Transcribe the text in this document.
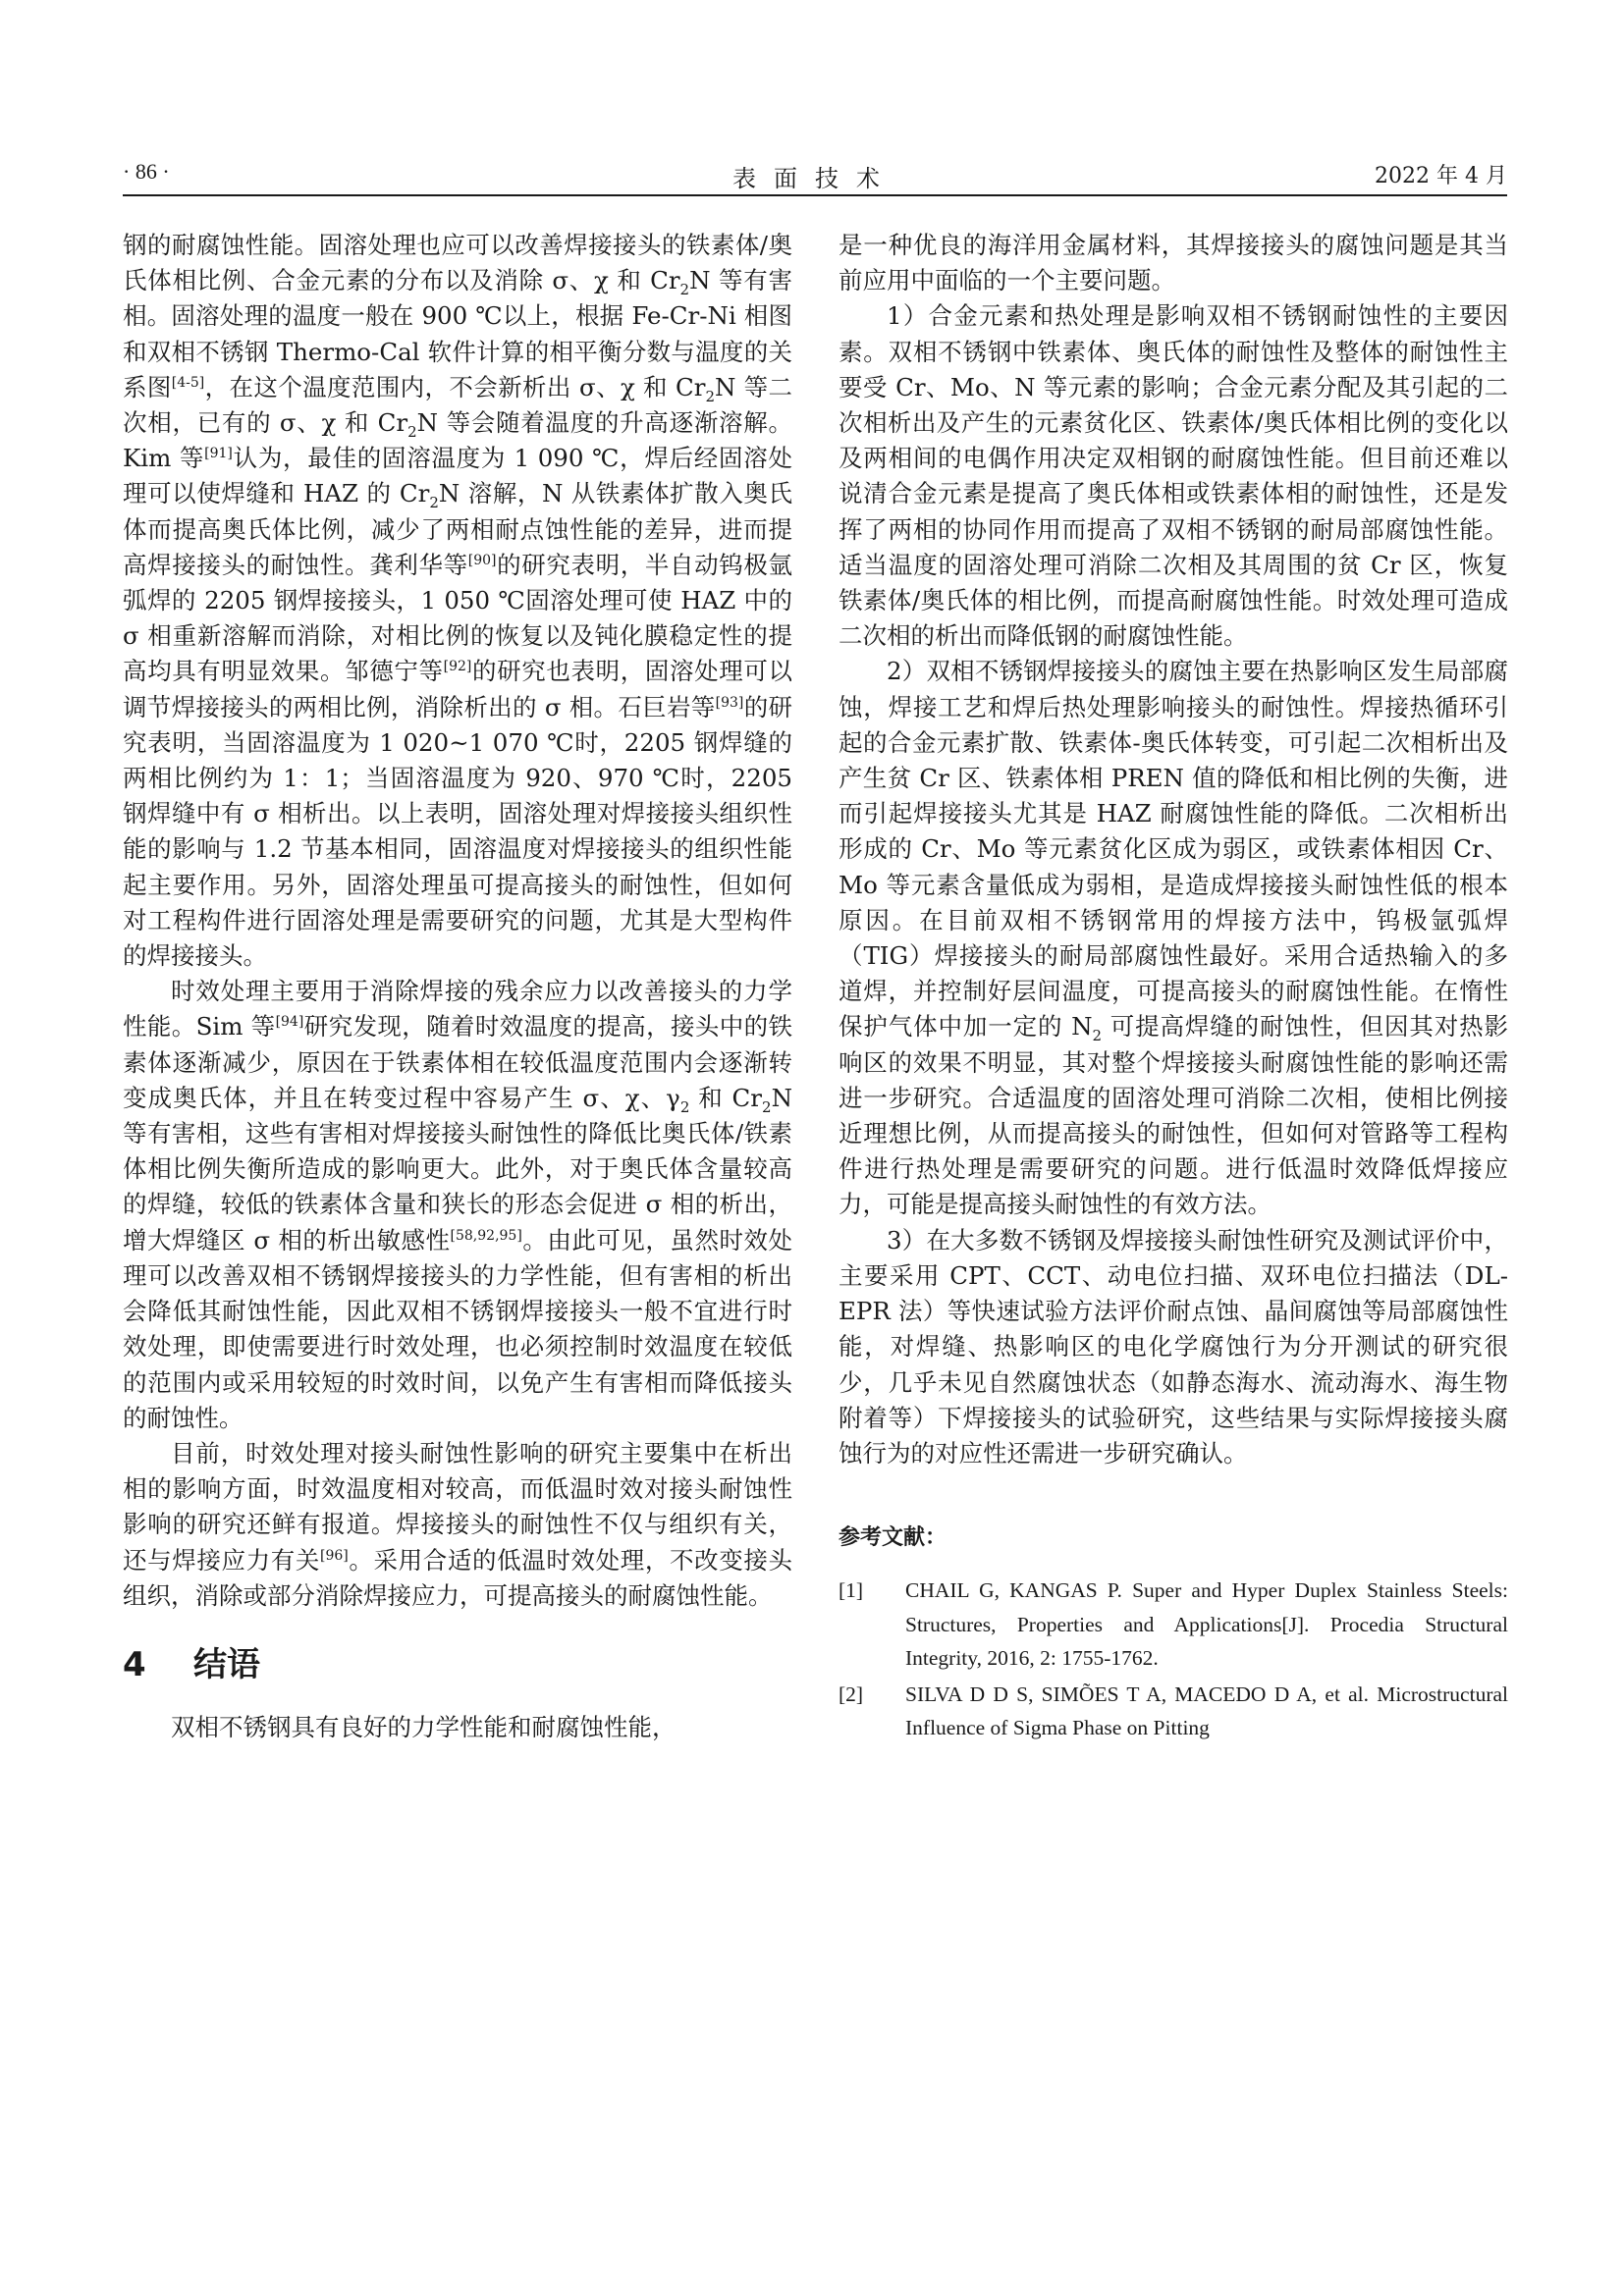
· 86 ·	表面技术	2022 年 4 月

钢的耐腐蚀性能。固溶处理也应可以改善焊接接头的铁素体/奥氏体相比例、合金元素的分布以及消除 σ、χ 和 $Cr_2N$ 等有害相。固溶处理的温度一般在 900 ℃以上，根据 Fe-Cr-Ni 相图和双相不锈钢 Thermo-Cal 软件计算的相平衡分数与温度的关系图[4-5]，在这个温度范围内，不会新析出 σ、χ 和 $Cr_2N$ 等二次相，已有的 σ、χ 和 $Cr_2N$ 等会随着温度的升高逐渐溶解。Kim 等[91]认为，最佳的固溶温度为 1 090 ℃，焊后经固溶处理可以使焊缝和 HAZ 的 $Cr_2N$ 溶解，N 从铁素体扩散入奥氏体而提高奥氏体比例，减少了两相耐点蚀性能的差异，进而提高焊接接头的耐蚀性。龚利华等[90]的研究表明，半自动钨极氩弧焊的 2205 钢焊接接头，1 050 ℃固溶处理可使 HAZ 中的 σ 相重新溶解而消除，对相比例的恢复以及钝化膜稳定性的提高均具有明显效果。邹德宁等[92]的研究也表明，固溶处理可以调节焊接接头的两相比例，消除析出的 σ 相。石巨岩等[93]的研究表明，当固溶温度为 1 020~1 070 ℃时，2205 钢焊缝的两相比例约为 1：1；当固溶温度为 920、970 ℃时，2205 钢焊缝中有 σ 相析出。以上表明，固溶处理对焊接接头组织性能的影响与 1.2 节基本相同，固溶温度对焊接接头的组织性能起主要作用。另外，固溶处理虽可提高接头的耐蚀性，但如何对工程构件进行固溶处理是需要研究的问题，尤其是大型构件的焊接接头。

时效处理主要用于消除焊接的残余应力以改善接头的力学性能。Sim 等[94]研究发现，随着时效温度的提高，接头中的铁素体逐渐减少，原因在于铁素体相在较低温度范围内会逐渐转变成奥氏体，并且在转变过程中容易产生 σ、χ、$\gamma_2$ 和 $Cr_2N$ 等有害相，这些有害相对焊接接头耐蚀性的降低比奥氏体/铁素体相比例失衡所造成的影响更大。此外，对于奥氏体含量较高的焊缝，较低的铁素体含量和狭长的形态会促进 σ 相的析出，增大焊缝区 σ 相的析出敏感性[58,92,95]。由此可见，虽然时效处理可以改善双相不锈钢焊接接头的力学性能，但有害相的析出会降低其耐蚀性能，因此双相不锈钢焊接接头一般不宜进行时效处理，即使需要进行时效处理，也必须控制时效温度在较低的范围内或采用较短的时效时间，以免产生有害相而降低接头的耐蚀性。

目前，时效处理对接头耐蚀性影响的研究主要集中在析出相的影响方面，时效温度相对较高，而低温时效对接头耐蚀性影响的研究还鲜有报道。焊接接头的耐蚀性不仅与组织有关，还与焊接应力有关[96]。采用合适的低温时效处理，不改变接头组织，消除或部分消除焊接应力，可提高接头的耐腐蚀性能。

4 结语

双相不锈钢具有良好的力学性能和耐腐蚀性能，

是一种优良的海洋用金属材料，其焊接接头的腐蚀问题是其当前应用中面临的一个主要问题。

1）合金元素和热处理是影响双相不锈钢耐蚀性的主要因素。双相不锈钢中铁素体、奥氏体的耐蚀性及整体的耐蚀性主要受 Cr、Mo、N 等元素的影响；合金元素分配及其引起的二次相析出及产生的元素贫化区、铁素体/奥氏体相比例的变化以及两相间的电偶作用决定双相钢的耐腐蚀性能。但目前还难以说清合金元素是提高了奥氏体相或铁素体相的耐蚀性，还是发挥了两相的协同作用而提高了双相不锈钢的耐局部腐蚀性能。适当温度的固溶处理可消除二次相及其周围的贫 Cr 区，恢复铁素体/奥氏体的相比例，而提高耐腐蚀性能。时效处理可造成二次相的析出而降低钢的耐腐蚀性能。

2）双相不锈钢焊接接头的腐蚀主要在热影响区发生局部腐蚀，焊接工艺和焊后热处理影响接头的耐蚀性。焊接热循环引起的合金元素扩散、铁素体-奥氏体转变，可引起二次相析出及产生贫 Cr 区、铁素体相 PREN 值的降低和相比例的失衡，进而引起焊接接头尤其是 HAZ 耐腐蚀性能的降低。二次相析出形成的 Cr、Mo 等元素贫化区成为弱区，或铁素体相因 Cr、Mo 等元素含量低成为弱相，是造成焊接接头耐蚀性低的根本原因。在目前双相不锈钢常用的焊接方法中，钨极氩弧焊（TIG）焊接接头的耐局部腐蚀性最好。采用合适热输入的多道焊，并控制好层间温度，可提高接头的耐腐蚀性能。在惰性保护气体中加一定的 $N_2$ 可提高焊缝的耐蚀性，但因其对热影响区的效果不明显，其对整个焊接接头耐腐蚀性能的影响还需进一步研究。合适温度的固溶处理可消除二次相，使相比例接近理想比例，从而提高接头的耐蚀性，但如何对管路等工程构件进行热处理是需要研究的问题。进行低温时效降低焊接应力，可能是提高接头耐蚀性的有效方法。

3）在大多数不锈钢及焊接接头耐蚀性研究及测试评价中，主要采用 CPT、CCT、动电位扫描、双环电位扫描法（DL-EPR 法）等快速试验方法评价耐点蚀、晶间腐蚀等局部腐蚀性能，对焊缝、热影响区的电化学腐蚀行为分开测试的研究很少，几乎未见自然腐蚀状态（如静态海水、流动海水、海生物附着等）下焊接接头的试验研究，这些结果与实际焊接接头腐蚀行为的对应性还需进一步研究确认。

参考文献：
[1]	CHAIL G, KANGAS P. Super and Hyper Duplex Stainless Steels: Structures, Properties and Applications[J]. Procedia Structural Integrity, 2016, 2: 1755-1762.
[2]	SILVA D D S, SIMÕES T A, MACEDO D A, et al. Microstructural Influence of Sigma Phase on Pitting
